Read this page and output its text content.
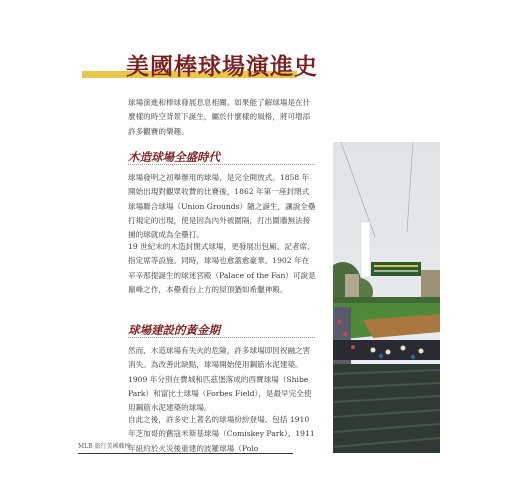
美國棒球場演進史

球場演進和棒球發展息息相關。如果能了解球場是在什麼樣的時空背景下誕生，屬於什麼樣的風格，將可增添許多觀賽的樂趣。

木造球場全盛時代

球場發明之初舉辦用的球場，是完全開放式。1858 年開始出現對觀眾收費的比賽後，1862 年第一座封閉式球場聯合球場（Union Grounds）隨之誕生，讓說全壘打規定的出現，使是因為內外被圍隔，打出圍牆無法接捕的球就成為全壘打。

19 世紀末的木造封閉式球場，更發展出包廂、記者席、指定席等設施。同時，球場也愈蓋愈豪華。1902 年在辛辛那提誕生的球迷宮殿（Palace of the Fan）可說是巔峰之作，本壘看台上方的屋頂猶如希臘神殿。

球場建設的黃金期

然而，木造球場有失火的危險，許多球場即因祝融之害消失。為改善此缺點，球場開始使用鋼筋水泥建築。1909 年分別在費城和匹茲堡落成的西寶球場（Shibe Park）和富比士球場（Forbes Field），是最早完全使用鋼筋水泥建築的球場。

自此之後，許多史上著名的球場紛紛登場。包括 1910 年芝加哥的舊寇米斯基球場（Comiskey Park）、1911 年紐約於火災後重建的波羅球場（Polo

MLB 旅行美國職棒
